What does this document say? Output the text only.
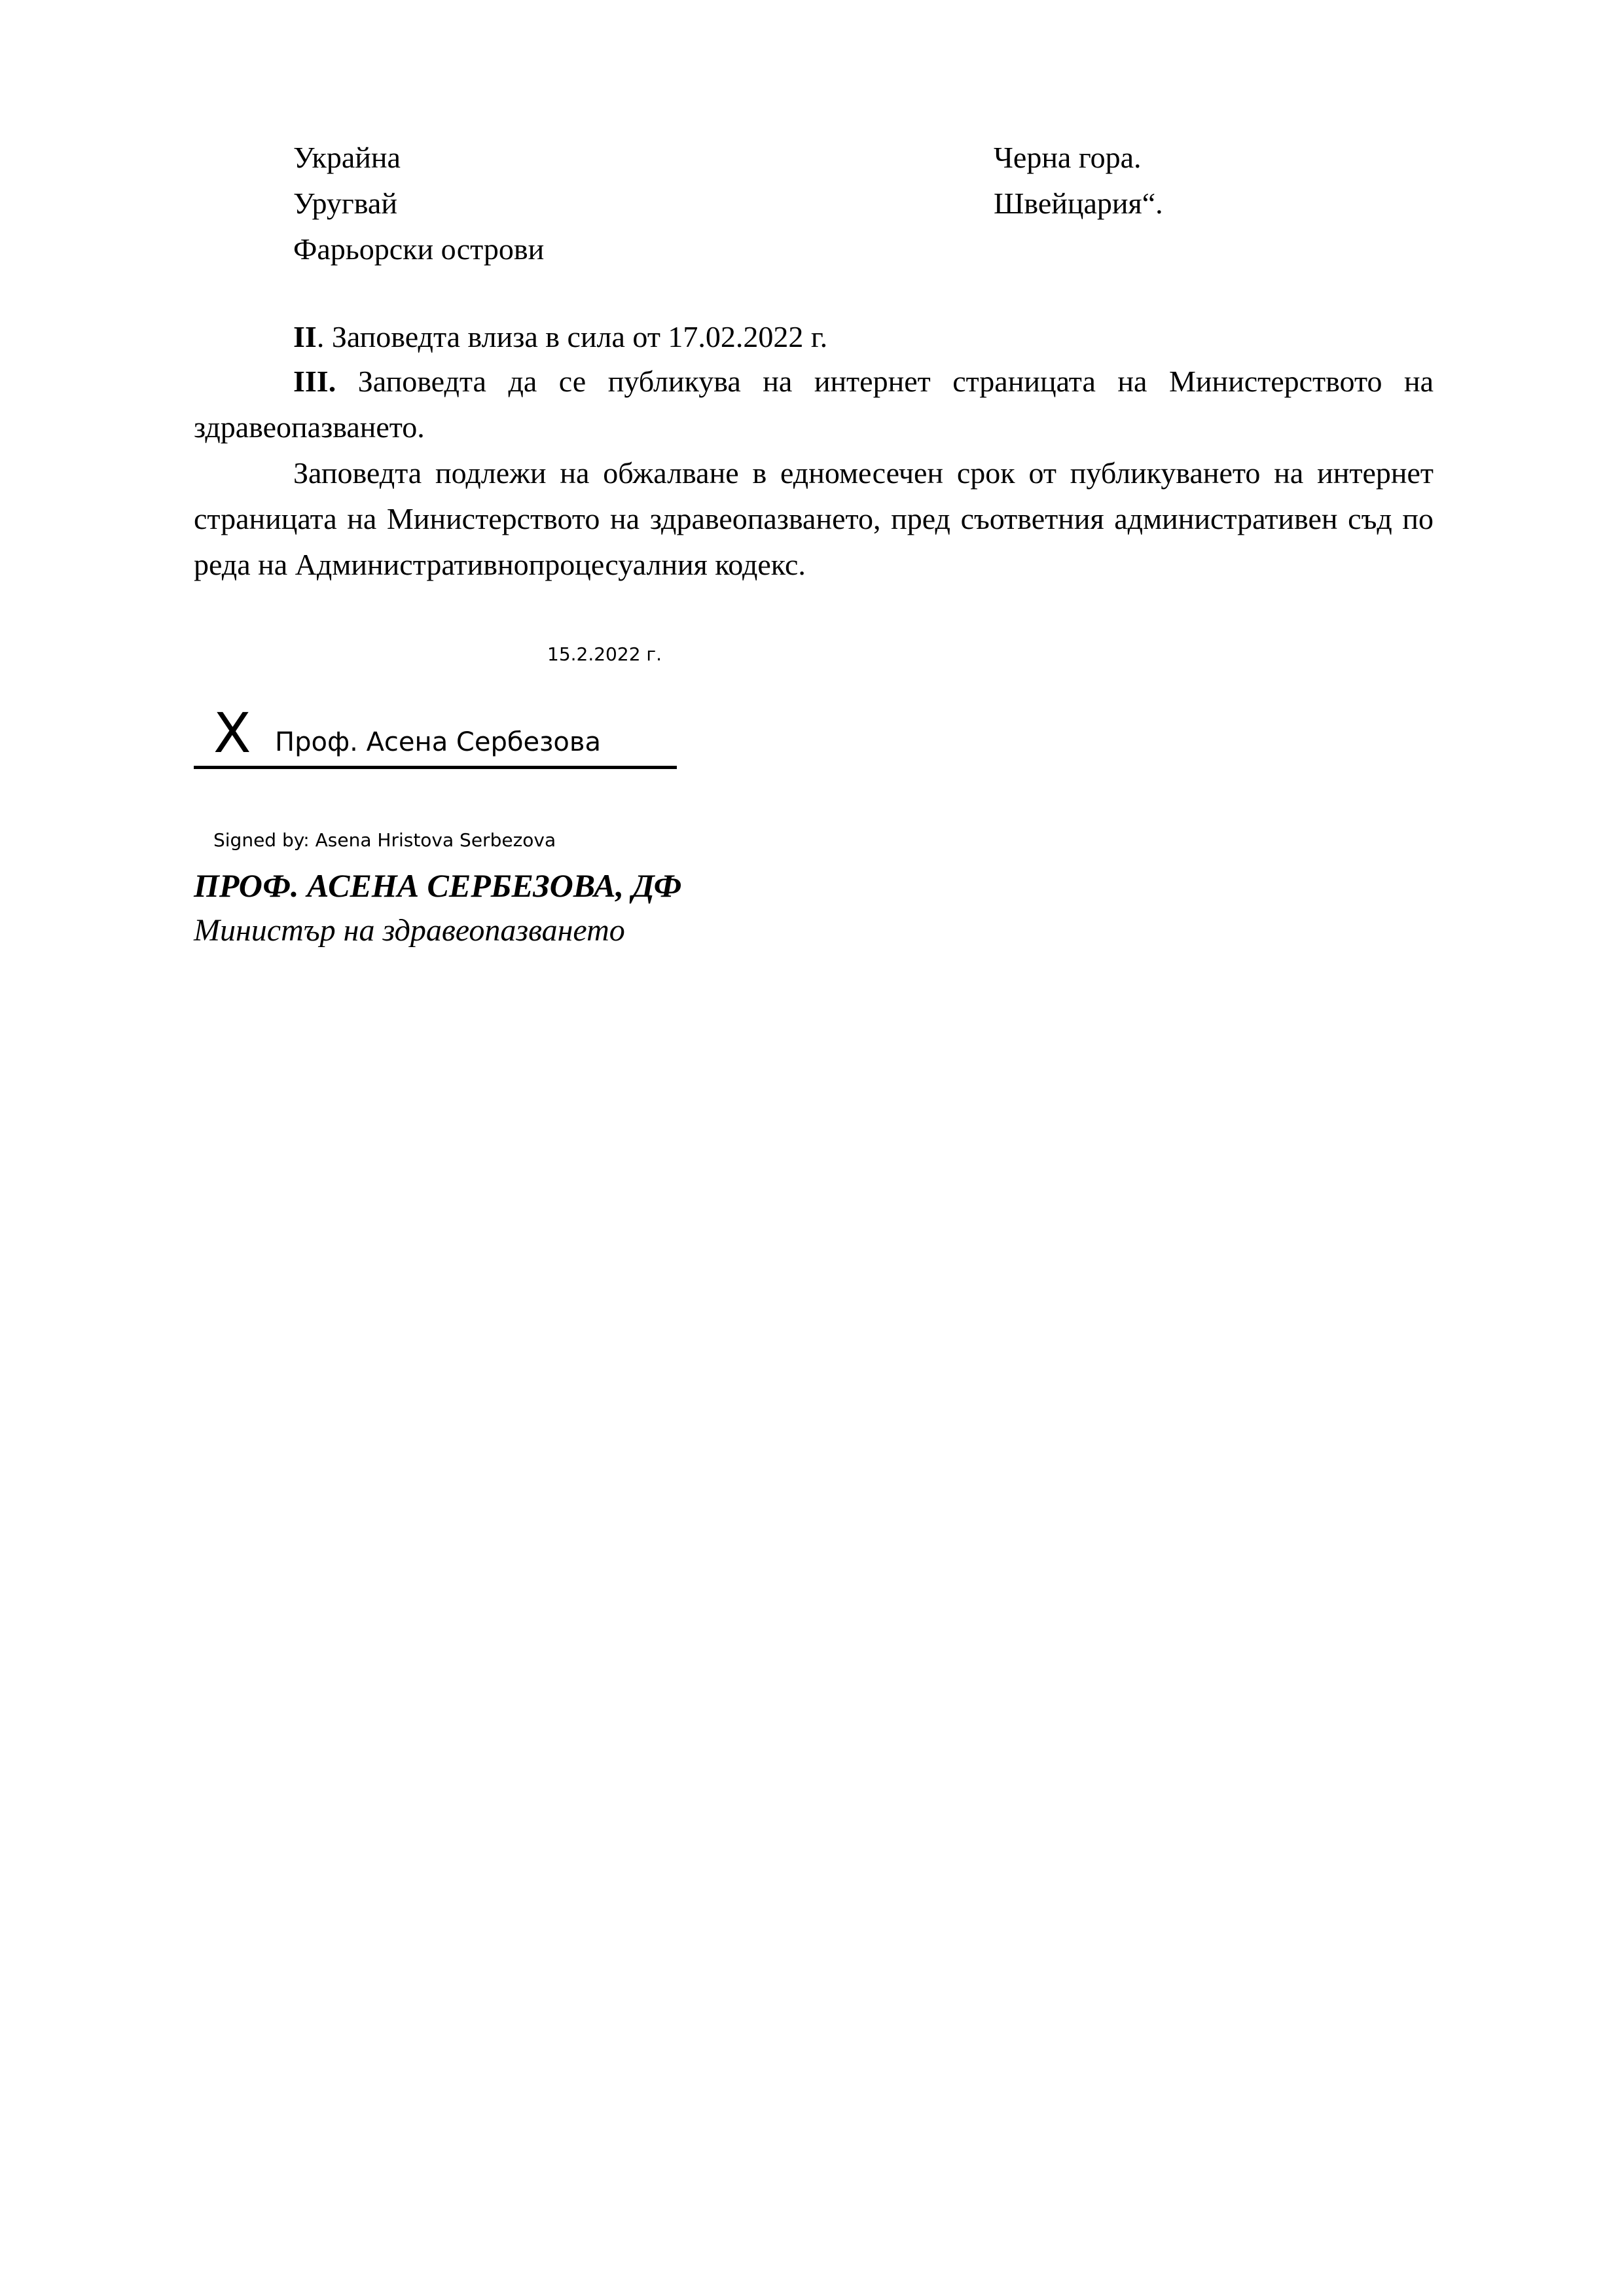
Украйна
Уругвай
Фарьорски острови
Черна гора.
Швейцария“.
II. Заповедта влиза в сила от 17.02.2022 г.
III. Заповедта да се публикува на интернет страницата на Министерството на здравеопазването.
Заповедта подлежи на обжалване в едномесечен срок от публикуването на интернет страницата на Министерството на здравеопазването, пред съответния административен съд по реда на Административнопроцесуалния кодекс.
15.2.2022 г.
X Проф. Асена Сербезова
Signed by: Asena Hristova Serbezova
ПРОФ. АСЕНА СЕРБЕЗОВА, ДФ
Министър на здравеопазването
